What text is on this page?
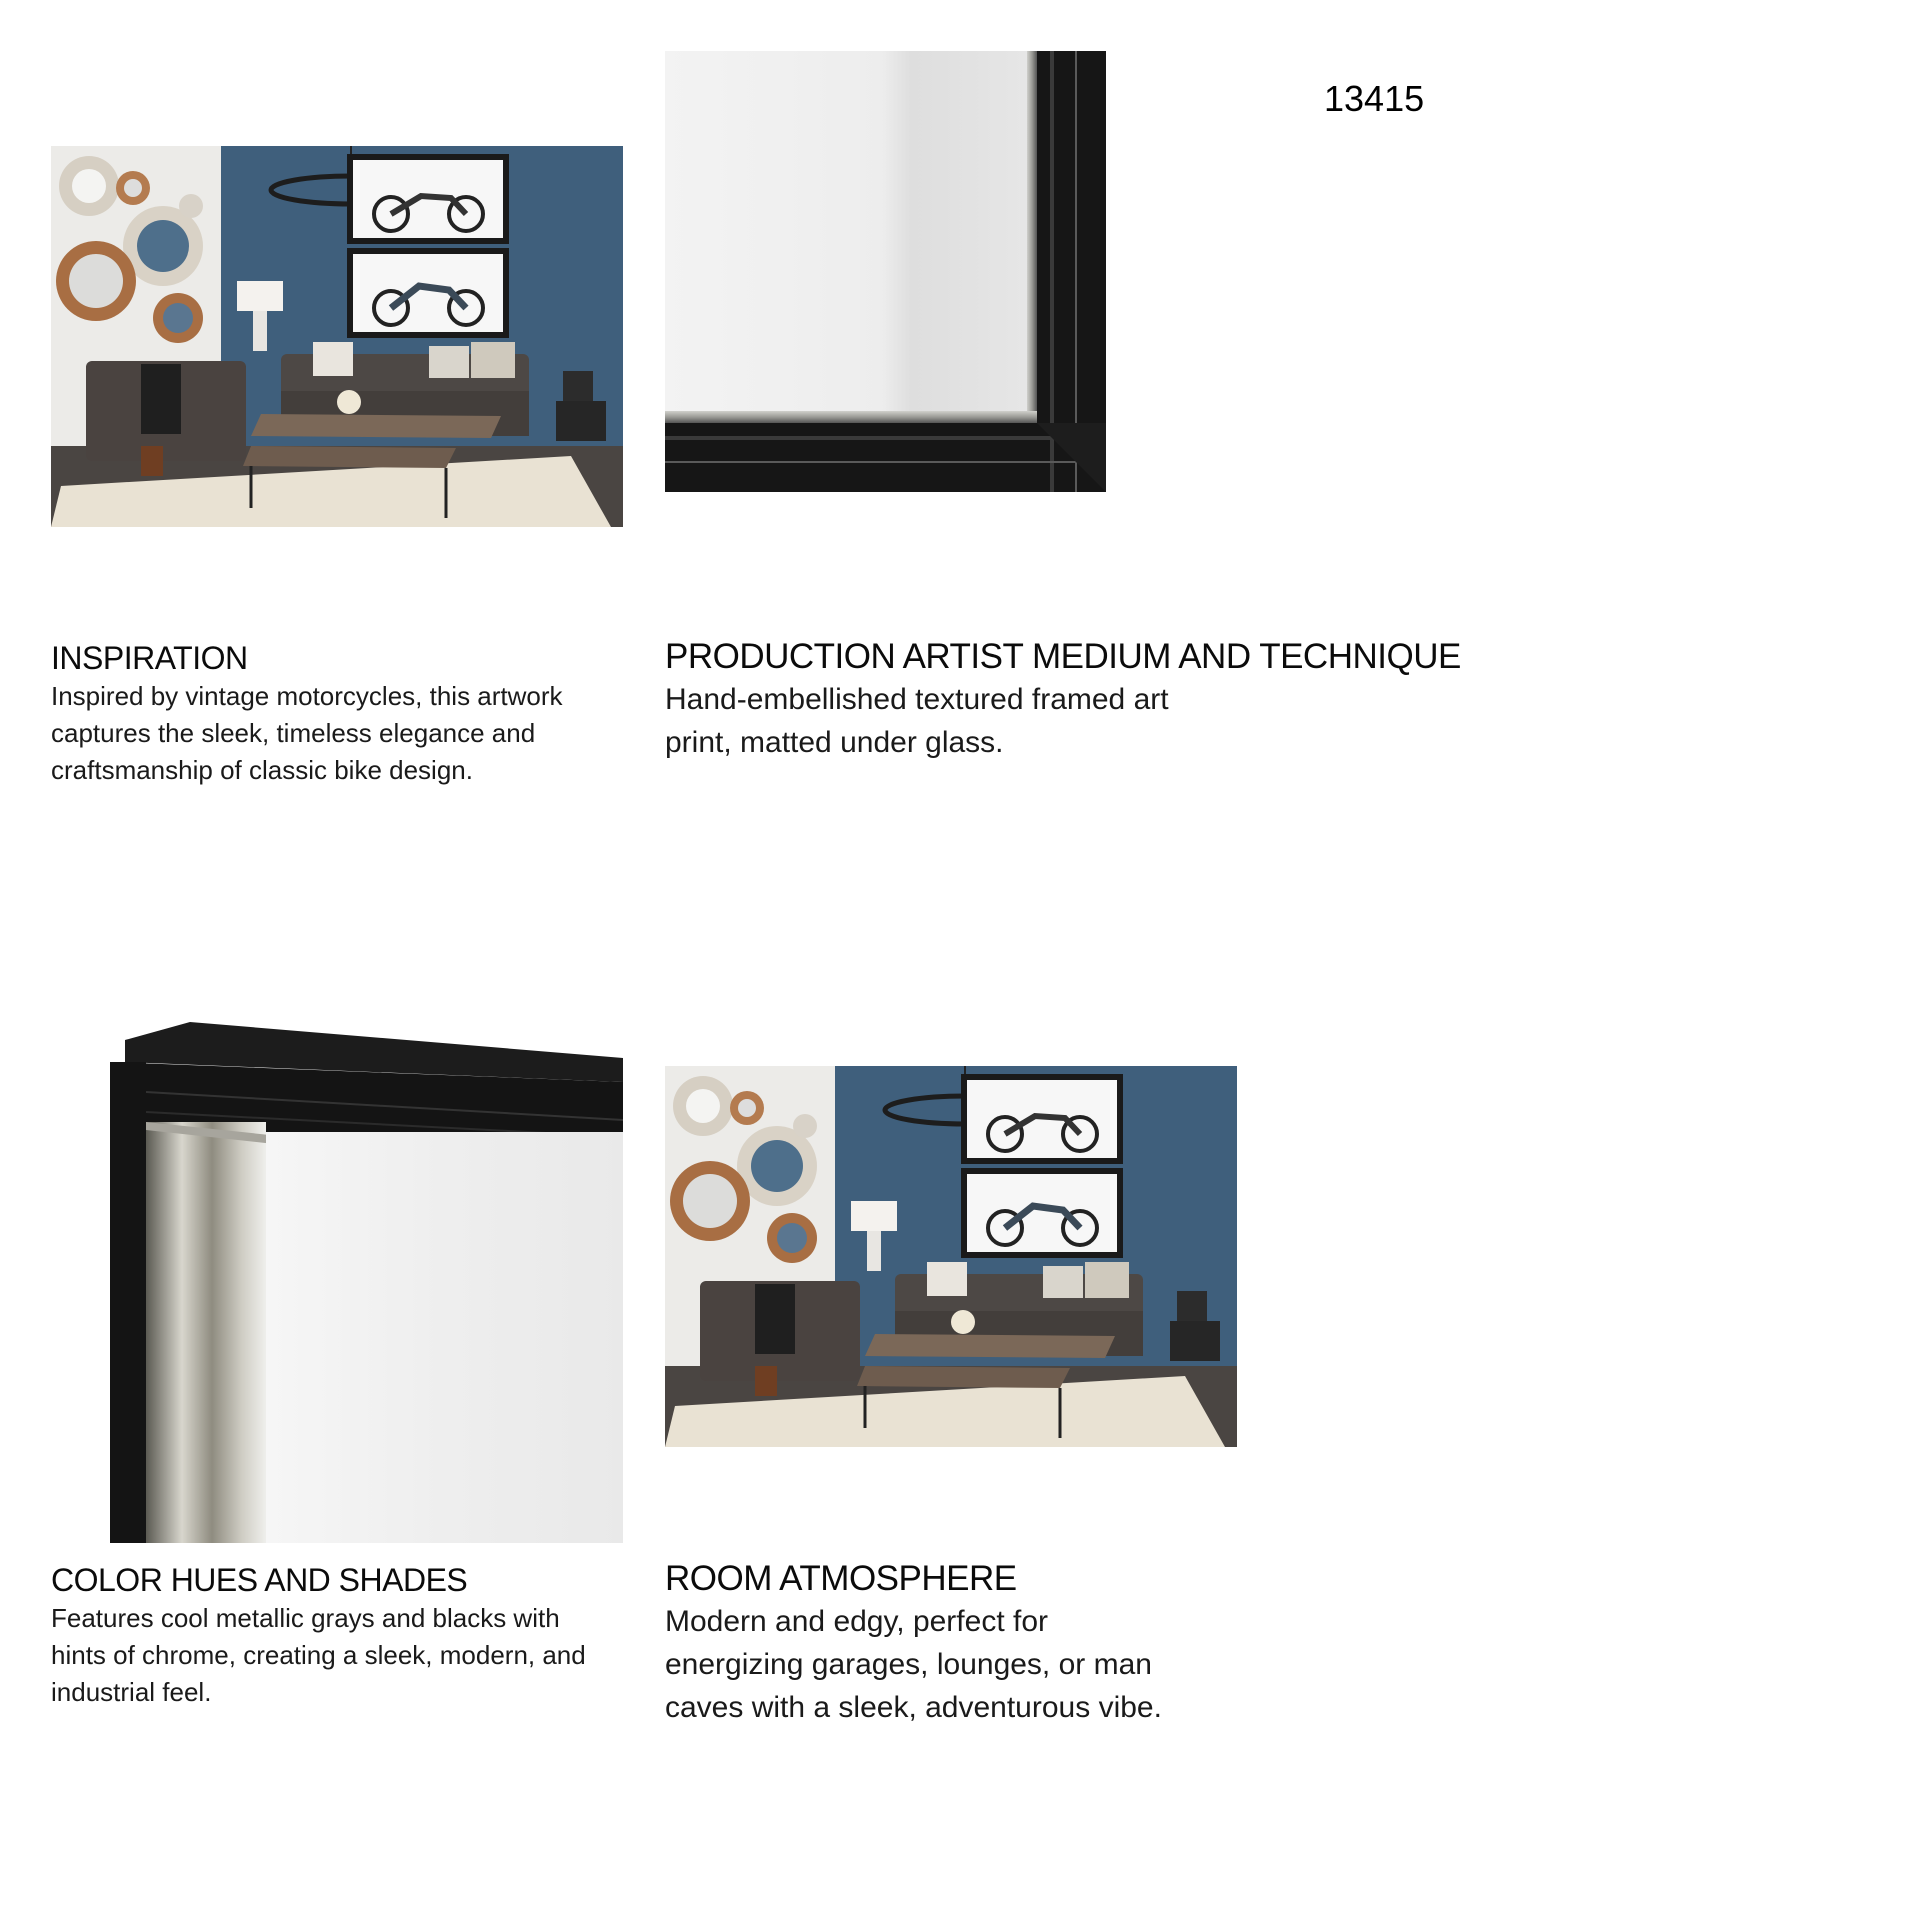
13415
INSPIRATION

Inspired by vintage motorcycles, this artwork
captures the sleek, timeless elegance and
craftsmanship of classic bike design.

PRODUCTION ARTIST MEDIUM AND TECHNIQUE

Hand-embellished textured framed art
print, matted under glass.

COLOR HUES AND SHADES

Features cool metallic grays and blacks with
hints of chrome, creating a sleek, modern, and
industrial feel.

ROOM ATMOSPHERE

Modern and edgy, perfect for
energizing garages, lounges, or man
caves with a sleek, adventurous vibe.
